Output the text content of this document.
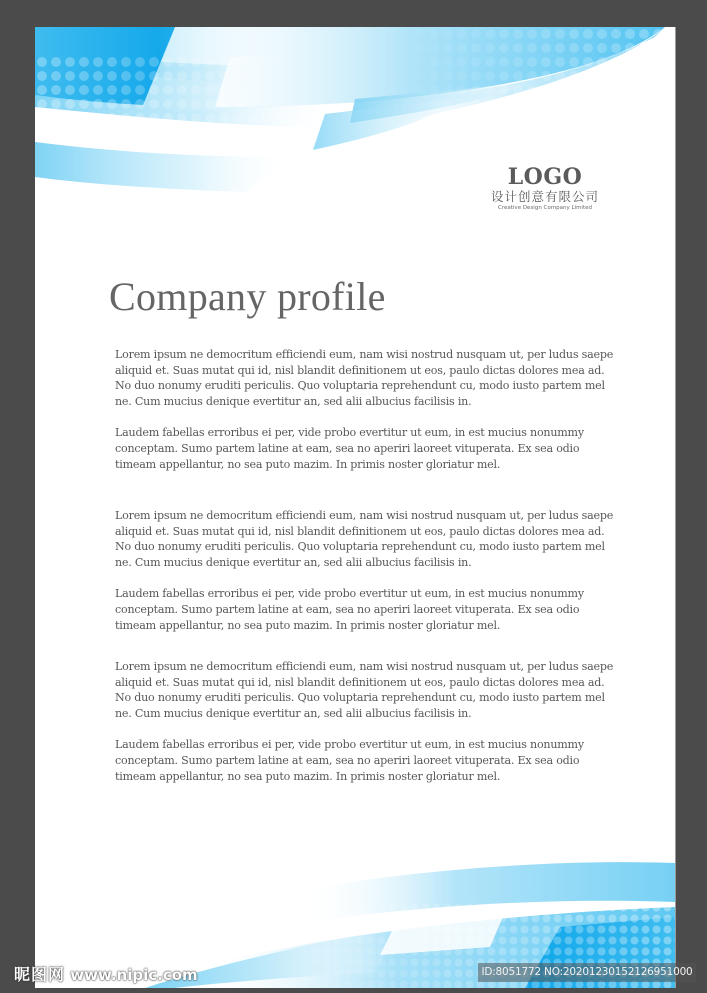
LOGO
设计创意有限公司
Creative Design Company Limited
Company profile

Lorem ipsum ne democritum efficiendi eum, nam wisi nostrud nusquam ut, per ludus saepe aliquid et. Suas mutat qui id, nisl blandit definitionem ut eos, paulo dictas dolores mea ad. No duo nonumy eruditi periculis. Quo voluptaria reprehendunt cu, modo iusto partem mel ne. Cum mucius denique evertitur an, sed alii albucius facilisis in.

Laudem fabellas erroribus ei per, vide probo evertitur ut eum, in est mucius nonummy conceptam. Sumo partem latine at eam, sea no aperiri laoreet vituperata. Ex sea odio timeam appellantur, no sea puto mazim. In primis noster gloriatur mel.

Lorem ipsum ne democritum efficiendi eum, nam wisi nostrud nusquam ut, per ludus saepe aliquid et. Suas mutat qui id, nisl blandit definitionem ut eos, paulo dictas dolores mea ad. No duo nonumy eruditi periculis. Quo voluptaria reprehendunt cu, modo iusto partem mel ne. Cum mucius denique evertitur an, sed alii albucius facilisis in.

Laudem fabellas erroribus ei per, vide probo evertitur ut eum, in est mucius nonummy conceptam. Sumo partem latine at eam, sea no aperiri laoreet vituperata. Ex sea odio timeam appellantur, no sea puto mazim. In primis noster gloriatur mel.

Lorem ipsum ne democritum efficiendi eum, nam wisi nostrud nusquam ut, per ludus saepe aliquid et. Suas mutat qui id, nisl blandit definitionem ut eos, paulo dictas dolores mea ad. No duo nonumy eruditi periculis. Quo voluptaria reprehendunt cu, modo iusto partem mel ne. Cum mucius denique evertitur an, sed alii albucius facilisis in.

Laudem fabellas erroribus ei per, vide probo evertitur ut eum, in est mucius nonummy conceptam. Sumo partem latine at eam, sea no aperiri laoreet vituperata. Ex sea odio timeam appellantur, no sea puto mazim. In primis noster gloriatur mel.

昵图网 www.nipic.com	ID:8051772 NO:20201230152126951000
